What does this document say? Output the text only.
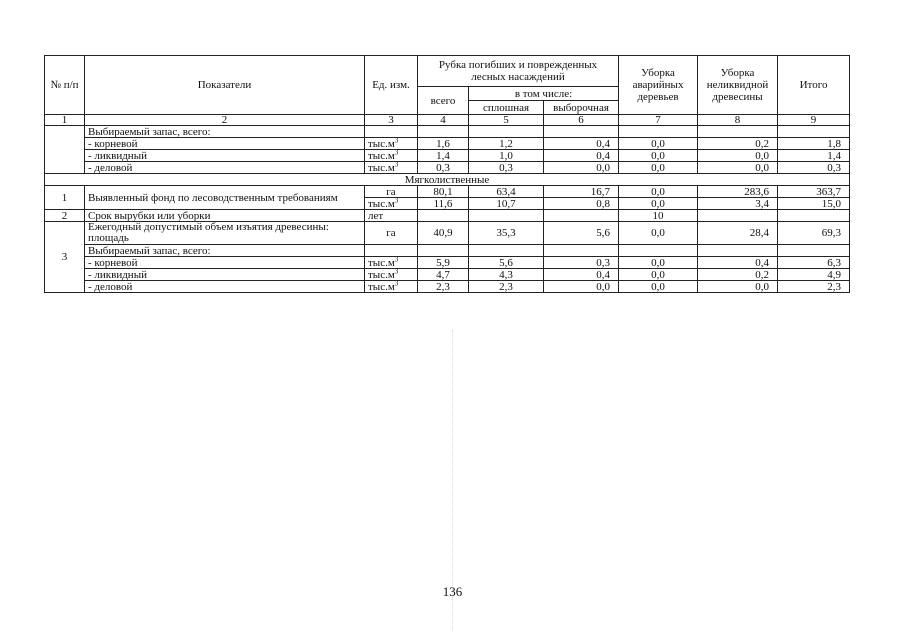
№ п/п	Показатели	Ед. изм.	Рубка погибших и поврежденных лесных насаждений			Уборка аварийных деревьев	Уборка неликвидной древесины	Итого
			всего	в том числе:				
				сплошная	выборочная			
1	2	3	4	5	6	7	8	9
	Выбираемый запас, всего:							
	- корневой	$тыс.м^3$	1,6	1,2	0,4	0,0	0,2	1,8
	- ликвидный	$тыс.м^3$	1,4	1,0	0,4	0,0	0,0	1,4
	- деловой	$тыс.м^3$	0,3	0,3	0,0	0,0	0,0	0,3
Мягколиственные								
1	Выявленный фонд по лесоводственным требованиям	га	80,1	63,4	16,7	0,0	283,6	363,7
		$тыс.м^3$	11,6	10,7	0,8	0,0	3,4	15,0
2	Срок вырубки или уборки	лет				10		
3	Ежегодный допустимый объем изъятия древесины:
площадь	га	40,9	35,3	5,6	0,0	28,4	69,3
	Выбираемый запас, всего:							
	- корневой	$тыс.м^3$	5,9	5,6	0,3	0,0	0,4	6,3
	- ликвидный	$тыс.м^3$	4,7	4,3	0,4	0,0	0,2	4,9
	- деловой	$тыс.м^3$	2,3	2,3	0,0	0,0	0,0	2,3
136
